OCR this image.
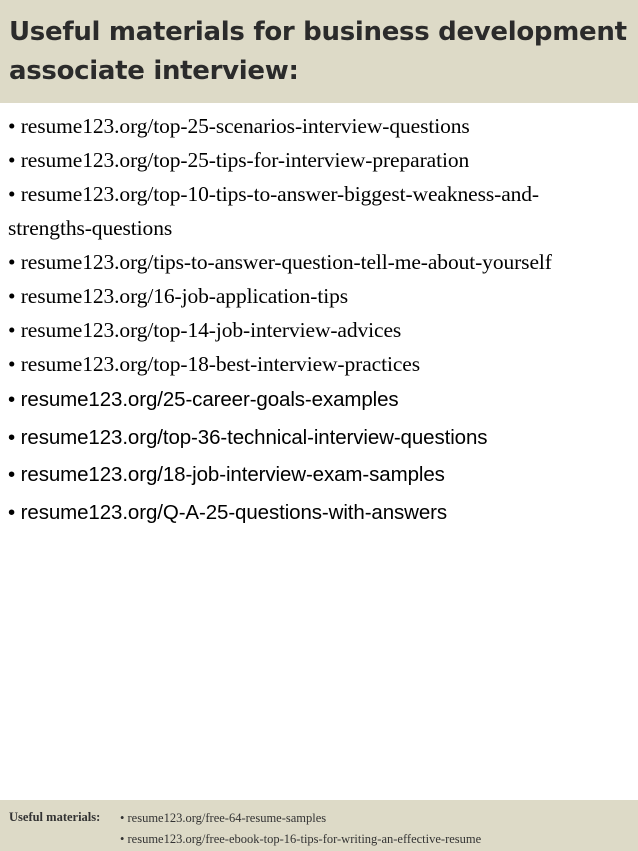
Useful materials for business development associate interview:
• resume123.org/top-25-scenarios-interview-questions
• resume123.org/top-25-tips-for-interview-preparation
• resume123.org/top-10-tips-to-answer-biggest-weakness-and-strengths-questions
• resume123.org/tips-to-answer-question-tell-me-about-yourself
• resume123.org/16-job-application-tips
• resume123.org/top-14-job-interview-advices
• resume123.org/top-18-best-interview-practices
• resume123.org/25-career-goals-examples
• resume123.org/top-36-technical-interview-questions
• resume123.org/18-job-interview-exam-samples
• resume123.org/Q-A-25-questions-with-answers
Useful materials: • resume123.org/free-64-resume-samples
• resume123.org/free-ebook-top-16-tips-for-writing-an-effective-resume
